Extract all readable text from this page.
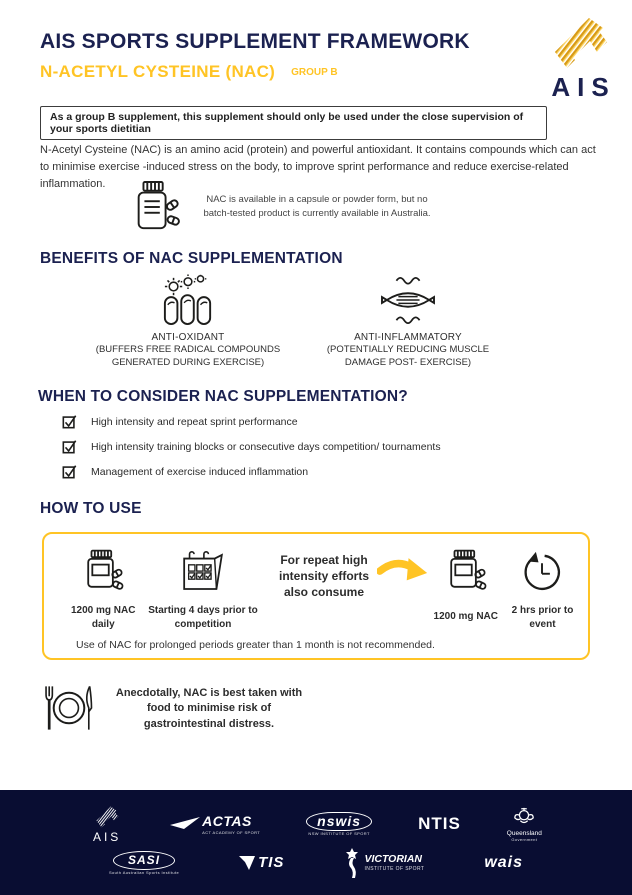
AIS SPORTS SUPPLEMENT FRAMEWORK
N-ACETYL CYSTEINE (NAC) GROUP B	AIS
As a group B supplement, this supplement should only be used under the close supervision of your sports dietitian

N-Acetyl Cysteine (NAC) is an amino acid (protein) and powerful antioxidant. It contains compounds which can act to minimise exercise -induced stress on the body, to improve sprint performance and reduce exercise-related inflammation.

NAC is available in a capsule or powder form, but no batch-tested product is currently available in Australia.
BENEFITS OF NAC SUPPLEMENTATION
ANTI-OXIDANT
(BUFFERS FREE RADICAL COMPOUNDS GENERATED DURING EXERCISE)
ANTI-INFLAMMATORY
(POTENTIALLY REDUCING MUSCLE DAMAGE POST- EXERCISE)
WHEN TO CONSIDER NAC SUPPLEMENTATION?
High intensity and repeat sprint performance
High intensity training blocks or consecutive days competition/ tournaments
Management of exercise induced inflammation
HOW TO USE
1200 mg NAC daily
Starting 4 days prior to competition
For repeat high intensity efforts also consume
1200 mg NAC
2 hrs prior to event
Use of NAC for prolonged periods greater than 1 month is not recommended.
Anecdotally, NAC is best taken with food to minimise risk of gastrointestinal distress.
AIS
ACTAS
ACT ACADEMY OF SPORT
nswis
NSW INSTITUTE OF SPORT
NTIS
Queensland
Government
SASI
South Australian Sports Institute
TIS	VICTORIAN
INSTITUTE OF SPORT	wais
